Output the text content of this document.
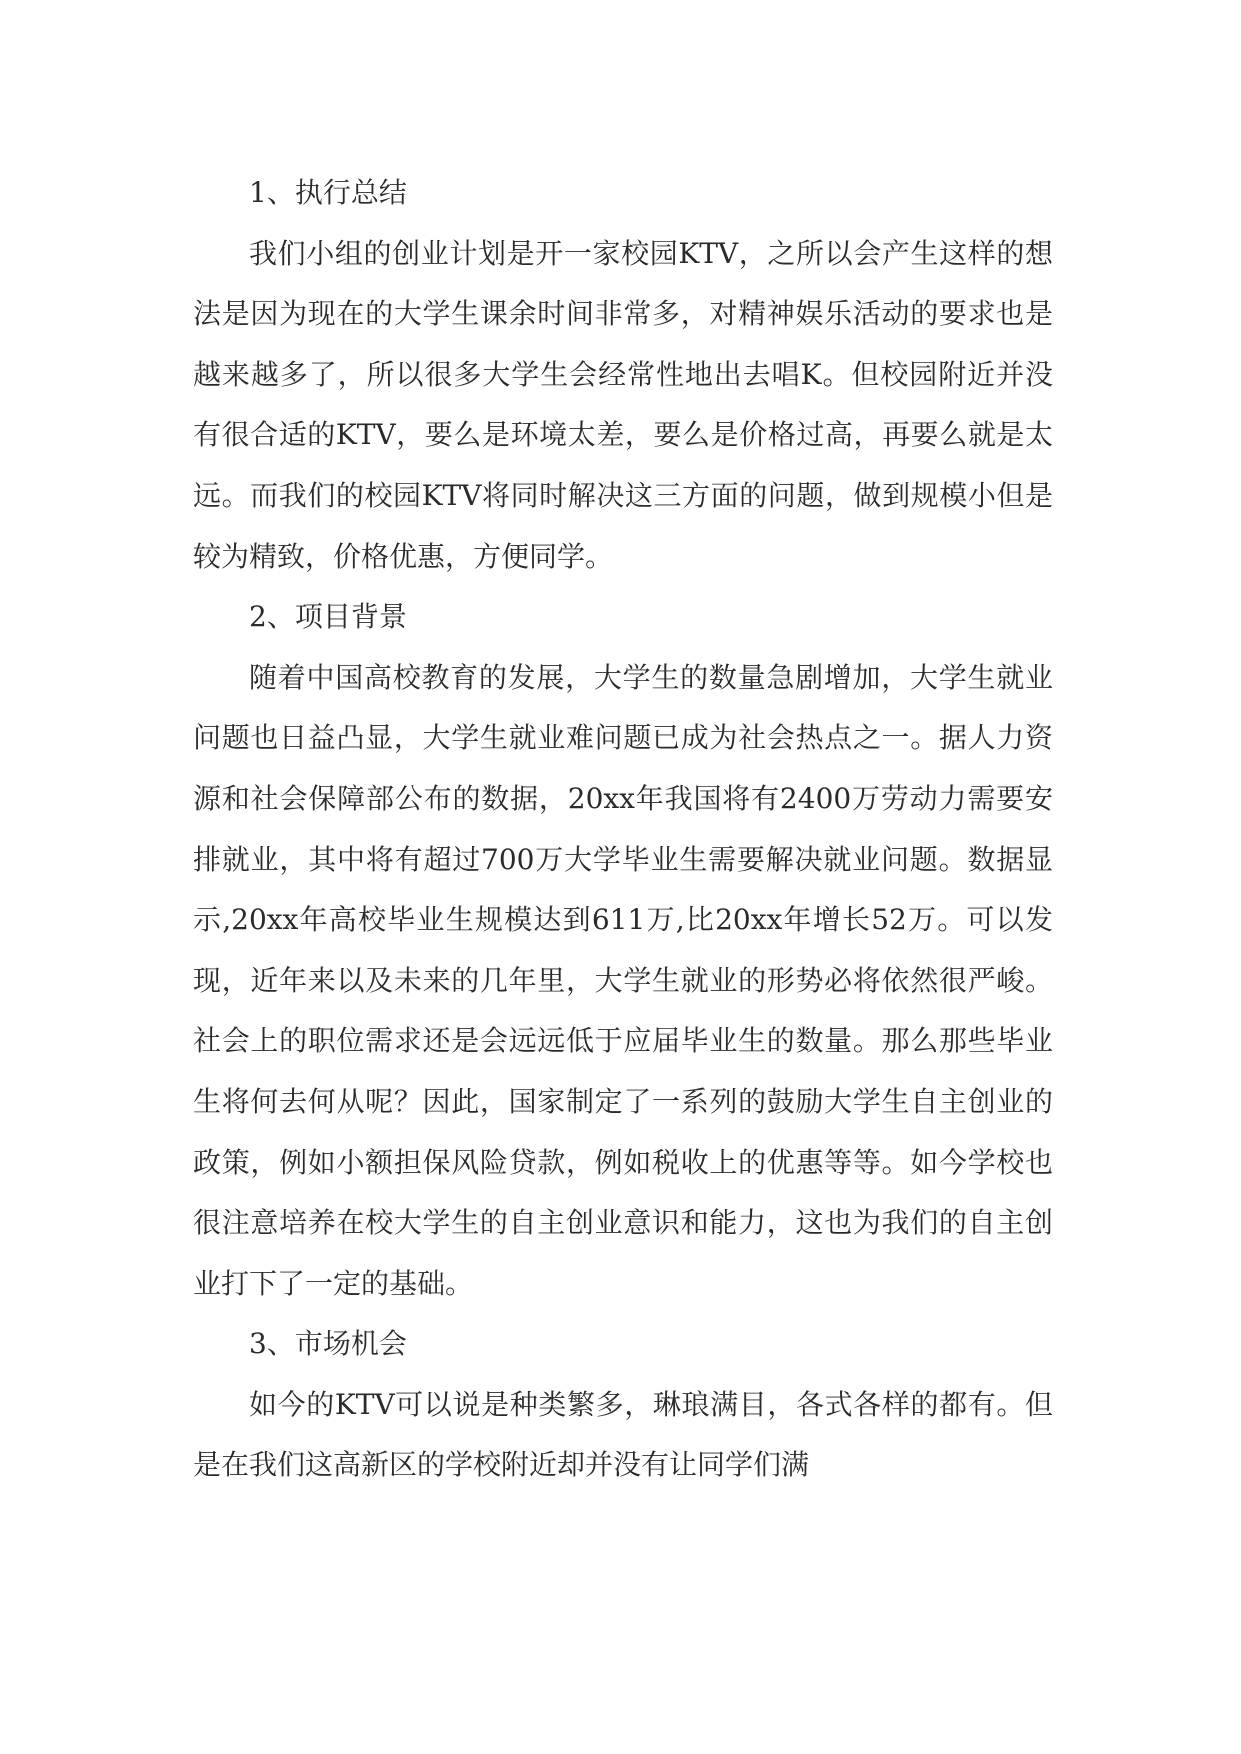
1、执行总结

我们小组的创业计划是开一家校园KTV，之所以会产生这样的想法是因为现在的大学生课余时间非常多，对精神娱乐活动的要求也是越来越多了，所以很多大学生会经常性地出去唱K。但校园附近并没有很合适的KTV，要么是环境太差，要么是价格过高，再要么就是太远。而我们的校园KTV将同时解决这三方面的问题，做到规模小但是较为精致，价格优惠，方便同学。

2、项目背景

随着中国高校教育的发展，大学生的数量急剧增加，大学生就业问题也日益凸显，大学生就业难问题已成为社会热点之一。据人力资源和社会保障部公布的数据，20xx年我国将有2400万劳动力需要安排就业，其中将有超过700万大学毕业生需要解决就业问题。数据显示,20xx年高校毕业生规模达到611万,比20xx年增长52万。可以发现，近年来以及未来的几年里，大学生就业的形势必将依然很严峻。社会上的职位需求还是会远远低于应届毕业生的数量。那么那些毕业生将何去何从呢？因此，国家制定了一系列的鼓励大学生自主创业的政策，例如小额担保风险贷款，例如税收上的优惠等等。如今学校也很注意培养在校大学生的自主创业意识和能力，这也为我们的自主创业打下了一定的基础。

3、市场机会

如今的KTV可以说是种类繁多，琳琅满目，各式各样的都有。但是在我们这高新区的学校附近却并没有让同学们满
